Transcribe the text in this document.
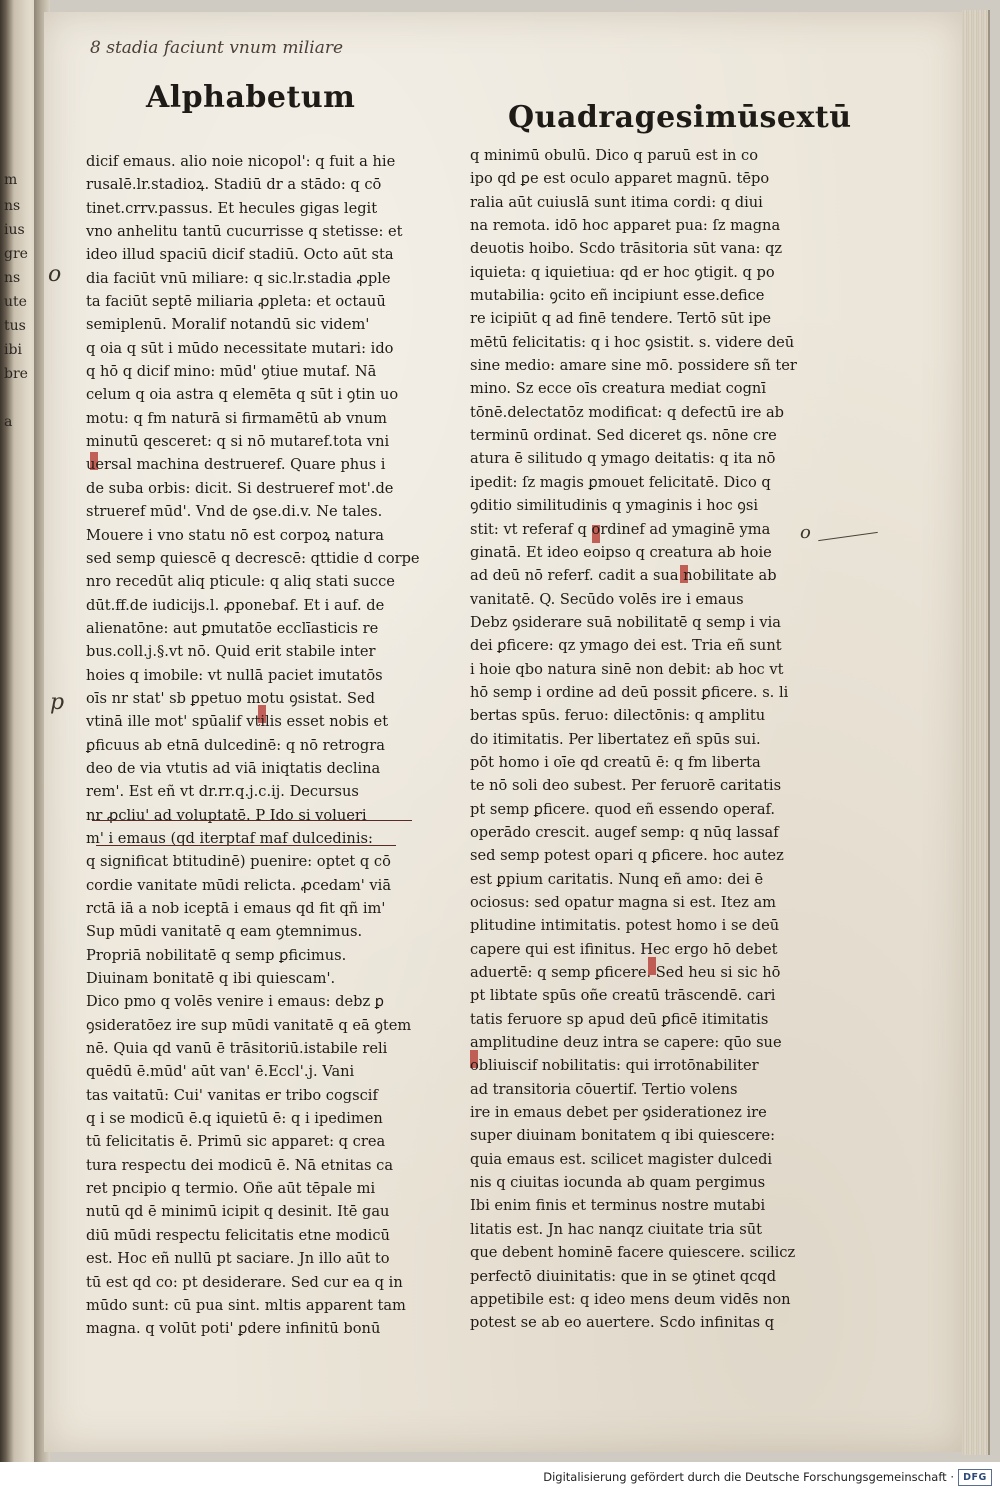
m
ns
ius
gre
ns
ute
tus
ibi
bre
a
8 stadia faciunt vnum miliare
Alphabetum
Quadragesimūsextū
o
p
o
dicif emaus. alio noie nicopol': q fuit a hie
rusalē.lr.stadioꝝ. Stadiū dr a stādo: q cō
tinet.crrv.passus. Et hecules gigas legit
vno anhelitu tantū cucurrisse q stetisse: et
ideo illud spaciū dicif stadiū. Octo aūt sta
dia faciūt vnū miliare: q sic.lr.stadia ꝓple
ta faciūt septē miliaria ꝓpleta: et octauū
semiplenū. Moralif notandū sic videm'
q oia q sūt i mūdo necessitate mutari: ido
q hō q dicif mino: mūd' ꝯtiue mutaf. Nā
celum q oia astra q elemēta q sūt i ꝯtin uo
motu: q fm naturā si firmamētū ab vnum
minutū qesceret: q si nō mutaref.tota vni
uersal machina destrueref. Quare phus i
de suba orbis: dicit. Si destrueref mot'.de
strueref mūd'. Vnd de ꝯse.di.v. Ne tales.
Mouere i vno statu nō est corpoꝝ natura
sed semp quiescē q decrescē: qttidie d corpe
nro recedūt aliq pticule: q aliq stati succe
dūt.ff.de iudicijs.l. ꝓponebaf. Et i auf. de
alienatōne: aut ꝑmutatōe ecclīasticis re
bus.coll.j.§.vt nō. Quid erit stabile inter
hoies q imobile: vt nullā paciet imutatōs
oīs nr stat' sb ꝑpetuo motu ꝯsistat. Sed
vtinā ille mot' spūalif vtilis esset nobis et
ꝑficuus ab etnā dulcedinē: q nō retrogra
deo de via vtutis ad viā iniqtatis declina
rem'. Est eñ vt dr.rr.q.j.c.ij. Decursus
nr ꝓcliu' ad voluptatē. P Ido si volueri
m' i emaus (qd iterptaf maf dulcedinis:
q significat btitudinē) puenire: optet q cō
cordie vanitate mūdi relicta. ꝓcedam' viā
rctā iā a nob iceptā i emaus qd fit qñ im'
Sup mūdi vanitatē q eam ꝯtemnimus.
Propriā nobilitatē q semp ꝑficimus.
Diuinam bonitatē q ibi quiescam'.
Dico pmo q volēs venire i emaus: debz ꝑ
ꝯsideratōez ire sup mūdi vanitatē q eā ꝯtem
nē. Quia qd vanū ē trāsitoriū.istabile reli
quēdū ē.mūd' aūt van' ē.Eccl'.j. Vani
tas vaitatū: Cui' vanitas er tribo cogscif
q i se modicū ē.q iquietū ē: q i ipedimen
tū felicitatis ē. Primū sic apparet: q crea
tura respectu dei modicū ē. Nā etnitas ca
ret pncipio q termio. Oñe aūt tēpale mi
nutū qd ē minimū icipit q desinit. Itē gau
diū mūdi respectu felicitatis etne modicū
est. Hoc eñ nullū pt saciare. Jn illo aūt to
tū est qd co: pt desiderare. Sed cur ea q in
mūdo sunt: cū pua sint. mltis apparent tam
magna. q volūt poti' ꝑdere infinitū bonū
q minimū obulū. Dico q paruū est in co
ipo qd ꝑe est oculo apparet magnū. tēpo
ralia aūt cuiuslā sunt itima cordi: q diui
na remota. idō hoc apparet pua: ſz magna
deuotis hoibo. Scdo trāsitoria sūt vana: qz
iquieta: q iquietiua: qd er hoc ꝯtigit. q po
mutabilia: ꝯcito eñ incipiunt esse.defice
re icipiūt q ad finē tendere. Tertō sūt ipe
mētū felicitatis: q i hoc ꝯsistit. s. videre deū
sine medio: amare sine mō. possidere sñ ter
mino. Sz ecce oīs creatura mediat cognī
tōnē.delectatōz modificat: q defectū ire ab
terminū ordinat. Sed diceret qs. nōne cre
atura ē silitudo q ymago deitatis: q ita nō
ipedit: ſz magis ꝑmouet felicitatē. Dico q
ꝯditio similitudinis q ymaginis i hoc ꝯsi
stit: vt referaf q ordinef ad ymaginē yma
ginatā. Et ideo eoipso q creatura ab hoie
ad deū nō referf. cadit a sua nobilitate ab
vanitatē. Q. Secūdo volēs ire i emaus
Debz ꝯsiderare suā nobilitatē q semp i via
dei ꝑficere: qz ymago dei est. Tria eñ sunt
i hoie qbo natura sinē non debit: ab hoc vt
hō semp i ordine ad deū possit ꝑficere. s. li
bertas spūs. feruo: dilectōnis: q amplitu
do itimitatis. Per libertatez eñ spūs sui.
pōt homo i oīe qd creatū ē: q fm liberta
te nō soli deo subest. Per feruorē caritatis
pt semp ꝑficere. quod eñ essendo operaf.
operādo crescit. augef semp: q nūq lassaf
sed semp potest opari q ꝑficere. hoc autez
est ꝑpium caritatis. Nunq eñ amo: dei ē
ociosus: sed opatur magna si est. Itez am
plitudine intimitatis. potest homo i se deū
capere qui est ifinitus. Hec ergo hō debet
aduertē: q semp ꝑficere. Sed heu si sic hō
pt libtate spūs oñe creatū trāscendē. cari
tatis feruore sp apud deū ꝑficē itimitatis
amplitudine deuz intra se capere: qūo sue
obliuiscif nobilitatis: qui irrotōnabiliter
ad transitoria cōuertif. Tertio volens
ire in emaus debet per ꝯsiderationez ire
super diuinam bonitatem q ibi quiescere:
quia emaus est. scilicet magister dulcedi
nis q ciuitas iocunda ab quam pergimus
Ibi enim finis et terminus nostre mutabi
litatis est. Jn hac nanqz ciuitate tria sūt
que debent hominē facere quiescere. scilicz
perfectō diuinitatis: que in se ꝯtinet qcqd
appetibile est: q ideo mens deum vidēs non
potest se ab eo auertere. Scdo infinitas q
Digitalisierung gefördert durch die Deutsche Forschungsgemeinschaft · DFG
